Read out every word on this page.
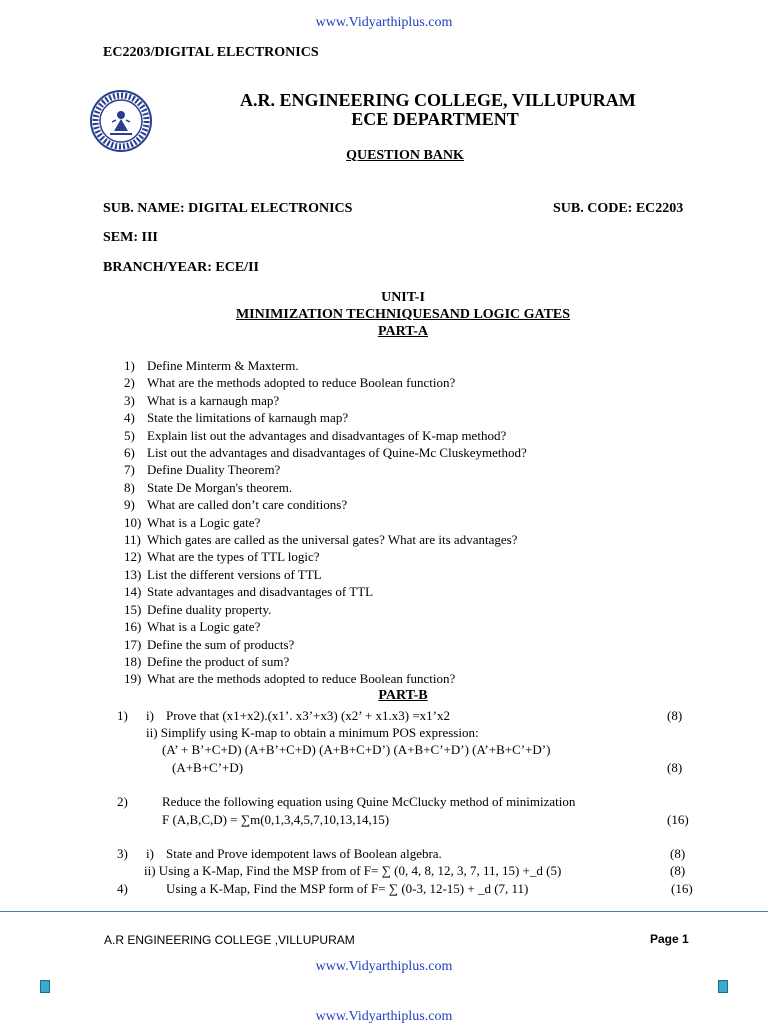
www.Vidyarthiplus.com
EC2203/DIGITAL ELECTRONICS
A.R. ENGINEERING COLLEGE, VILLUPURAM
ECE DEPARTMENT
QUESTION BANK
SUB. NAME: DIGITAL ELECTRONICS	SUB. CODE: EC2203
SEM: III
BRANCH/YEAR: ECE/II
UNIT-I
MINIMIZATION TECHNIQUESAND LOGIC GATES
PART-A
1) Define Minterm & Maxterm.
2) What are the methods adopted to reduce Boolean function?
3) What is a karnaugh map?
4) State the limitations of karnaugh map?
5) Explain list out the advantages and disadvantages of K-map method?
6) List out the advantages and disadvantages of Quine-Mc Cluskeymethod?
7) Define Duality Theorem?
8) State De Morgan's theorem.
9) What are called don’t care conditions?
10) What is a Logic gate?
11) Which gates are called as the universal gates? What are its advantages?
12) What are the types of TTL logic?
13) List the different versions of TTL
14) State advantages and disadvantages of TTL
15) Define duality property.
16) What is a Logic gate?
17) Define the sum of products?
18) Define the product of sum?
19) What are the methods adopted to reduce Boolean function?
PART-B
1) i) Prove that (x1+x2).(x1’. x3’+x3) (x2’ + x1.x3) =x1’x2	(8)
ii) Simplify using K-map to obtain a minimum POS expression:
(A’ + B’+C+D) (A+B’+C+D) (A+B+C+D’) (A+B+C’+D’) (A’+B+C’+D’)
(A+B+C’+D)	(8)
2)	Reduce the following equation using Quine McClucky method of minimization
F (A,B,C,D) = ∑m(0,1,3,4,5,7,10,13,14,15)	(16)
3) i) State and Prove idempotent laws of Boolean algebra.	(8)
ii) Using a K-Map, Find the MSP from of F= ∑ (0, 4, 8, 12, 3, 7, 11, 15) +_d (5)	(8)
4)	Using a K-Map, Find the MSP form of F= ∑ (0-3, 12-15) + _d (7, 11)	(16)
A.R ENGINEERING COLLEGE ,VILLUPURAM	Page 1
www.Vidyarthiplus.com
www.Vidyarthiplus.com
